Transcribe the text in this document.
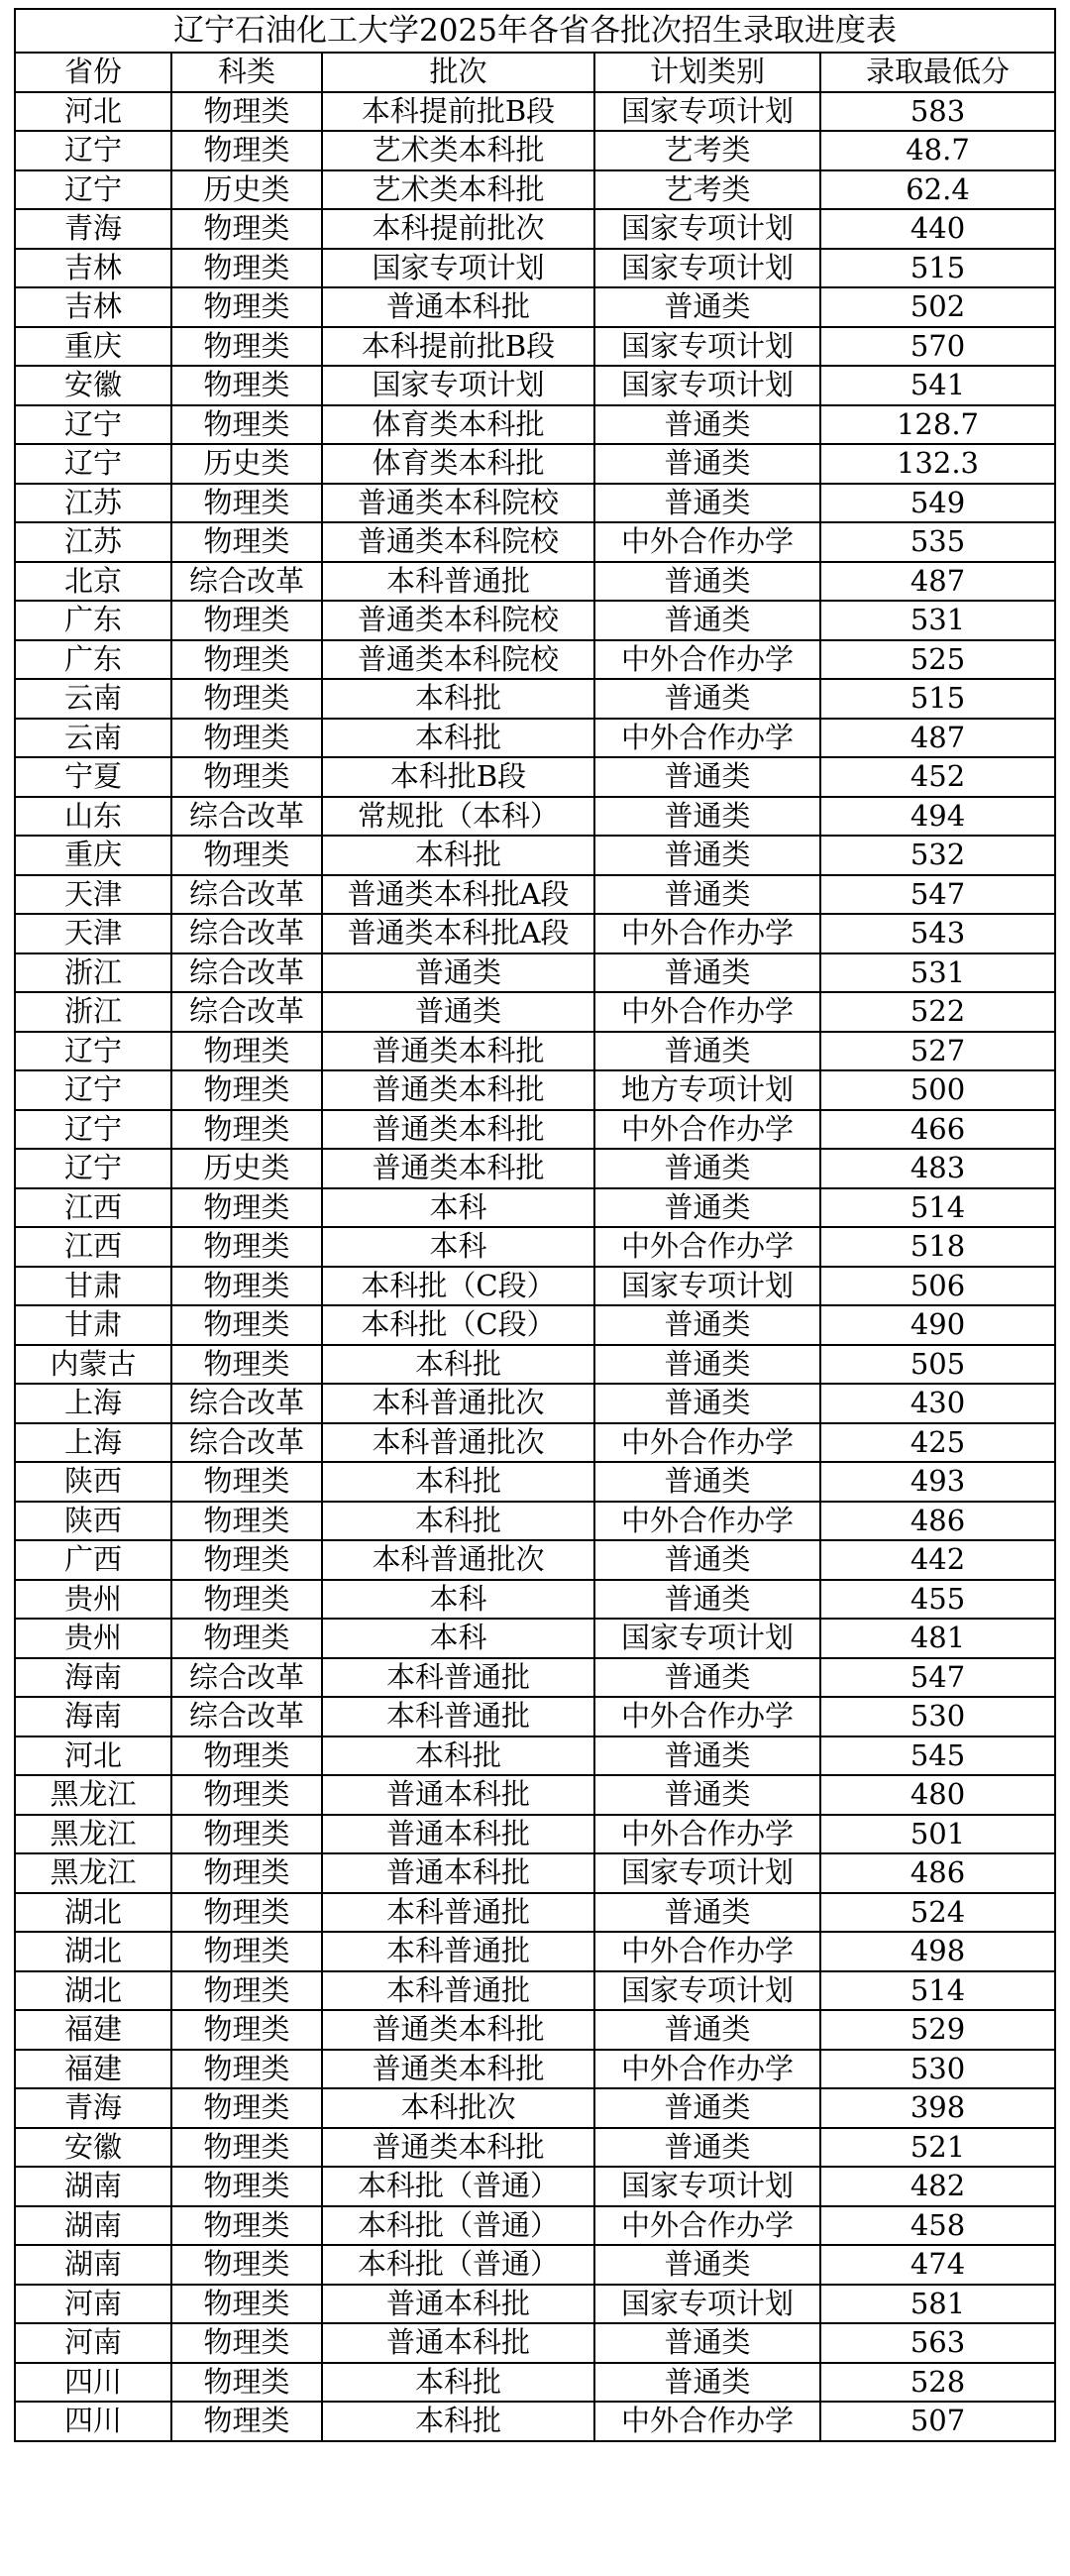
辽宁石油化工大学2025年各省各批次招生录取进度表				
省份	科类	批次	计划类别	录取最低分
河北	物理类	本科提前批B段	国家专项计划	583
辽宁	物理类	艺术类本科批	艺考类	48.7
辽宁	历史类	艺术类本科批	艺考类	62.4
青海	物理类	本科提前批次	国家专项计划	440
吉林	物理类	国家专项计划	国家专项计划	515
吉林	物理类	普通本科批	普通类	502
重庆	物理类	本科提前批B段	国家专项计划	570
安徽	物理类	国家专项计划	国家专项计划	541
辽宁	物理类	体育类本科批	普通类	128.7
辽宁	历史类	体育类本科批	普通类	132.3
江苏	物理类	普通类本科院校	普通类	549
江苏	物理类	普通类本科院校	中外合作办学	535
北京	综合改革	本科普通批	普通类	487
广东	物理类	普通类本科院校	普通类	531
广东	物理类	普通类本科院校	中外合作办学	525
云南	物理类	本科批	普通类	515
云南	物理类	本科批	中外合作办学	487
宁夏	物理类	本科批B段	普通类	452
山东	综合改革	常规批（本科）	普通类	494
重庆	物理类	本科批	普通类	532
天津	综合改革	普通类本科批A段	普通类	547
天津	综合改革	普通类本科批A段	中外合作办学	543
浙江	综合改革	普通类	普通类	531
浙江	综合改革	普通类	中外合作办学	522
辽宁	物理类	普通类本科批	普通类	527
辽宁	物理类	普通类本科批	地方专项计划	500
辽宁	物理类	普通类本科批	中外合作办学	466
辽宁	历史类	普通类本科批	普通类	483
江西	物理类	本科	普通类	514
江西	物理类	本科	中外合作办学	518
甘肃	物理类	本科批（C段）	国家专项计划	506
甘肃	物理类	本科批（C段）	普通类	490
内蒙古	物理类	本科批	普通类	505
上海	综合改革	本科普通批次	普通类	430
上海	综合改革	本科普通批次	中外合作办学	425
陕西	物理类	本科批	普通类	493
陕西	物理类	本科批	中外合作办学	486
广西	物理类	本科普通批次	普通类	442
贵州	物理类	本科	普通类	455
贵州	物理类	本科	国家专项计划	481
海南	综合改革	本科普通批	普通类	547
海南	综合改革	本科普通批	中外合作办学	530
河北	物理类	本科批	普通类	545
黑龙江	物理类	普通本科批	普通类	480
黑龙江	物理类	普通本科批	中外合作办学	501
黑龙江	物理类	普通本科批	国家专项计划	486
湖北	物理类	本科普通批	普通类	524
湖北	物理类	本科普通批	中外合作办学	498
湖北	物理类	本科普通批	国家专项计划	514
福建	物理类	普通类本科批	普通类	529
福建	物理类	普通类本科批	中外合作办学	530
青海	物理类	本科批次	普通类	398
安徽	物理类	普通类本科批	普通类	521
湖南	物理类	本科批（普通）	国家专项计划	482
湖南	物理类	本科批（普通）	中外合作办学	458
湖南	物理类	本科批（普通）	普通类	474
河南	物理类	普通本科批	国家专项计划	581
河南	物理类	普通本科批	普通类	563
四川	物理类	本科批	普通类	528
四川	物理类	本科批	中外合作办学	507
